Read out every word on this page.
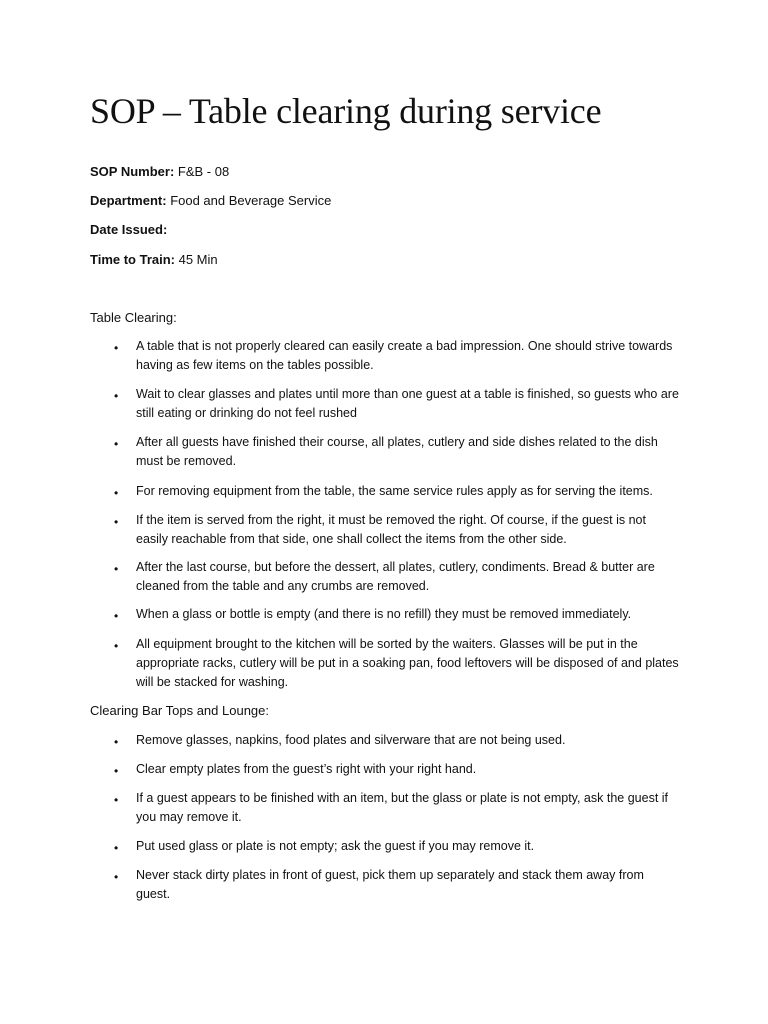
SOP – Table clearing during service
SOP Number: F&B - 08
Department: Food and Beverage Service
Date Issued:
Time to Train: 45 Min
Table Clearing:
• A table that is not properly cleared can easily create a bad impression. One should strive towards having as few items on the tables possible.
• Wait to clear glasses and plates until more than one guest at a table is finished, so guests who are still eating or drinking do not feel rushed
• After all guests have finished their course, all plates, cutlery and side dishes related to the dish must be removed.
• For removing equipment from the table, the same service rules apply as for serving the items.
• If the item is served from the right, it must be removed the right. Of course, if the guest is not easily reachable from that side, one shall collect the items from the other side.
• After the last course, but before the dessert, all plates, cutlery, condiments. Bread & butter are cleaned from the table and any crumbs are removed.
• When a glass or bottle is empty (and there is no refill) they must be removed immediately.
• All equipment brought to the kitchen will be sorted by the waiters. Glasses will be put in the appropriate racks, cutlery will be put in a soaking pan, food leftovers will be disposed of and plates will be stacked for washing.
Clearing Bar Tops and Lounge:
• Remove glasses, napkins, food plates and silverware that are not being used.
• Clear empty plates from the guest’s right with your right hand.
• If a guest appears to be finished with an item, but the glass or plate is not empty, ask the guest if you may remove it.
• Put used glass or plate is not empty; ask the guest if you may remove it.
• Never stack dirty plates in front of guest, pick them up separately and stack them away from guest.
